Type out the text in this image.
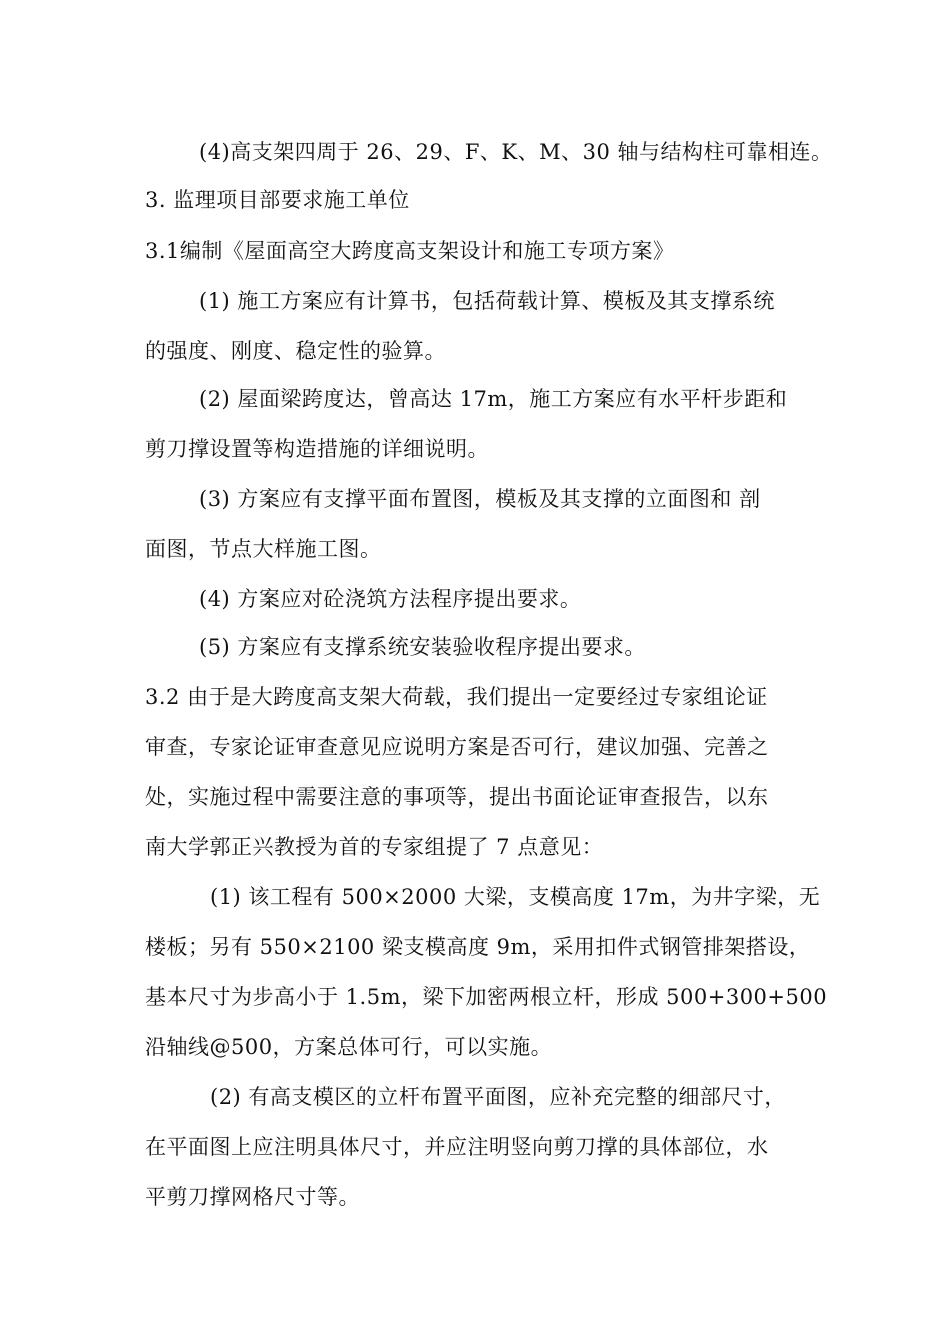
(4)高支架四周于 26、29、F、K、M、30 轴与结构柱可靠相连。
3. 监理项目部要求施工单位
3.1编制《屋面高空大跨度高支架设计和施工专项方案》
(1) 施工方案应有计算书，包括荷载计算、模板及其支撑系统
的强度、刚度、稳定性的验算。
(2) 屋面梁跨度达，曾高达 17m，施工方案应有水平杆步距和
剪刀撑设置等构造措施的详细说明。
(3) 方案应有支撑平面布置图，模板及其支撑的立面图和 剖
面图，节点大样施工图。
(4) 方案应对砼浇筑方法程序提出要求。
(5) 方案应有支撑系统安装验收程序提出要求。
3.2 由于是大跨度高支架大荷载，我们提出一定要经过专家组论证
审查，专家论证审查意见应说明方案是否可行，建议加强、完善之
处，实施过程中需要注意的事项等，提出书面论证审查报告，以东
南大学郭正兴教授为首的专家组提了 7 点意见：
(1) 该工程有 500×2000 大梁，支模高度 17m，为井字梁，无
楼板；另有 550×2100 梁支模高度 9m，采用扣件式钢管排架搭设，
基本尺寸为步高小于 1.5m，梁下加密两根立杆，形成 500+300+500
沿轴线@500，方案总体可行，可以实施。
(2) 有高支模区的立杆布置平面图，应补充完整的细部尺寸，
在平面图上应注明具体尺寸，并应注明竖向剪刀撑的具体部位，水
平剪刀撑网格尺寸等。
